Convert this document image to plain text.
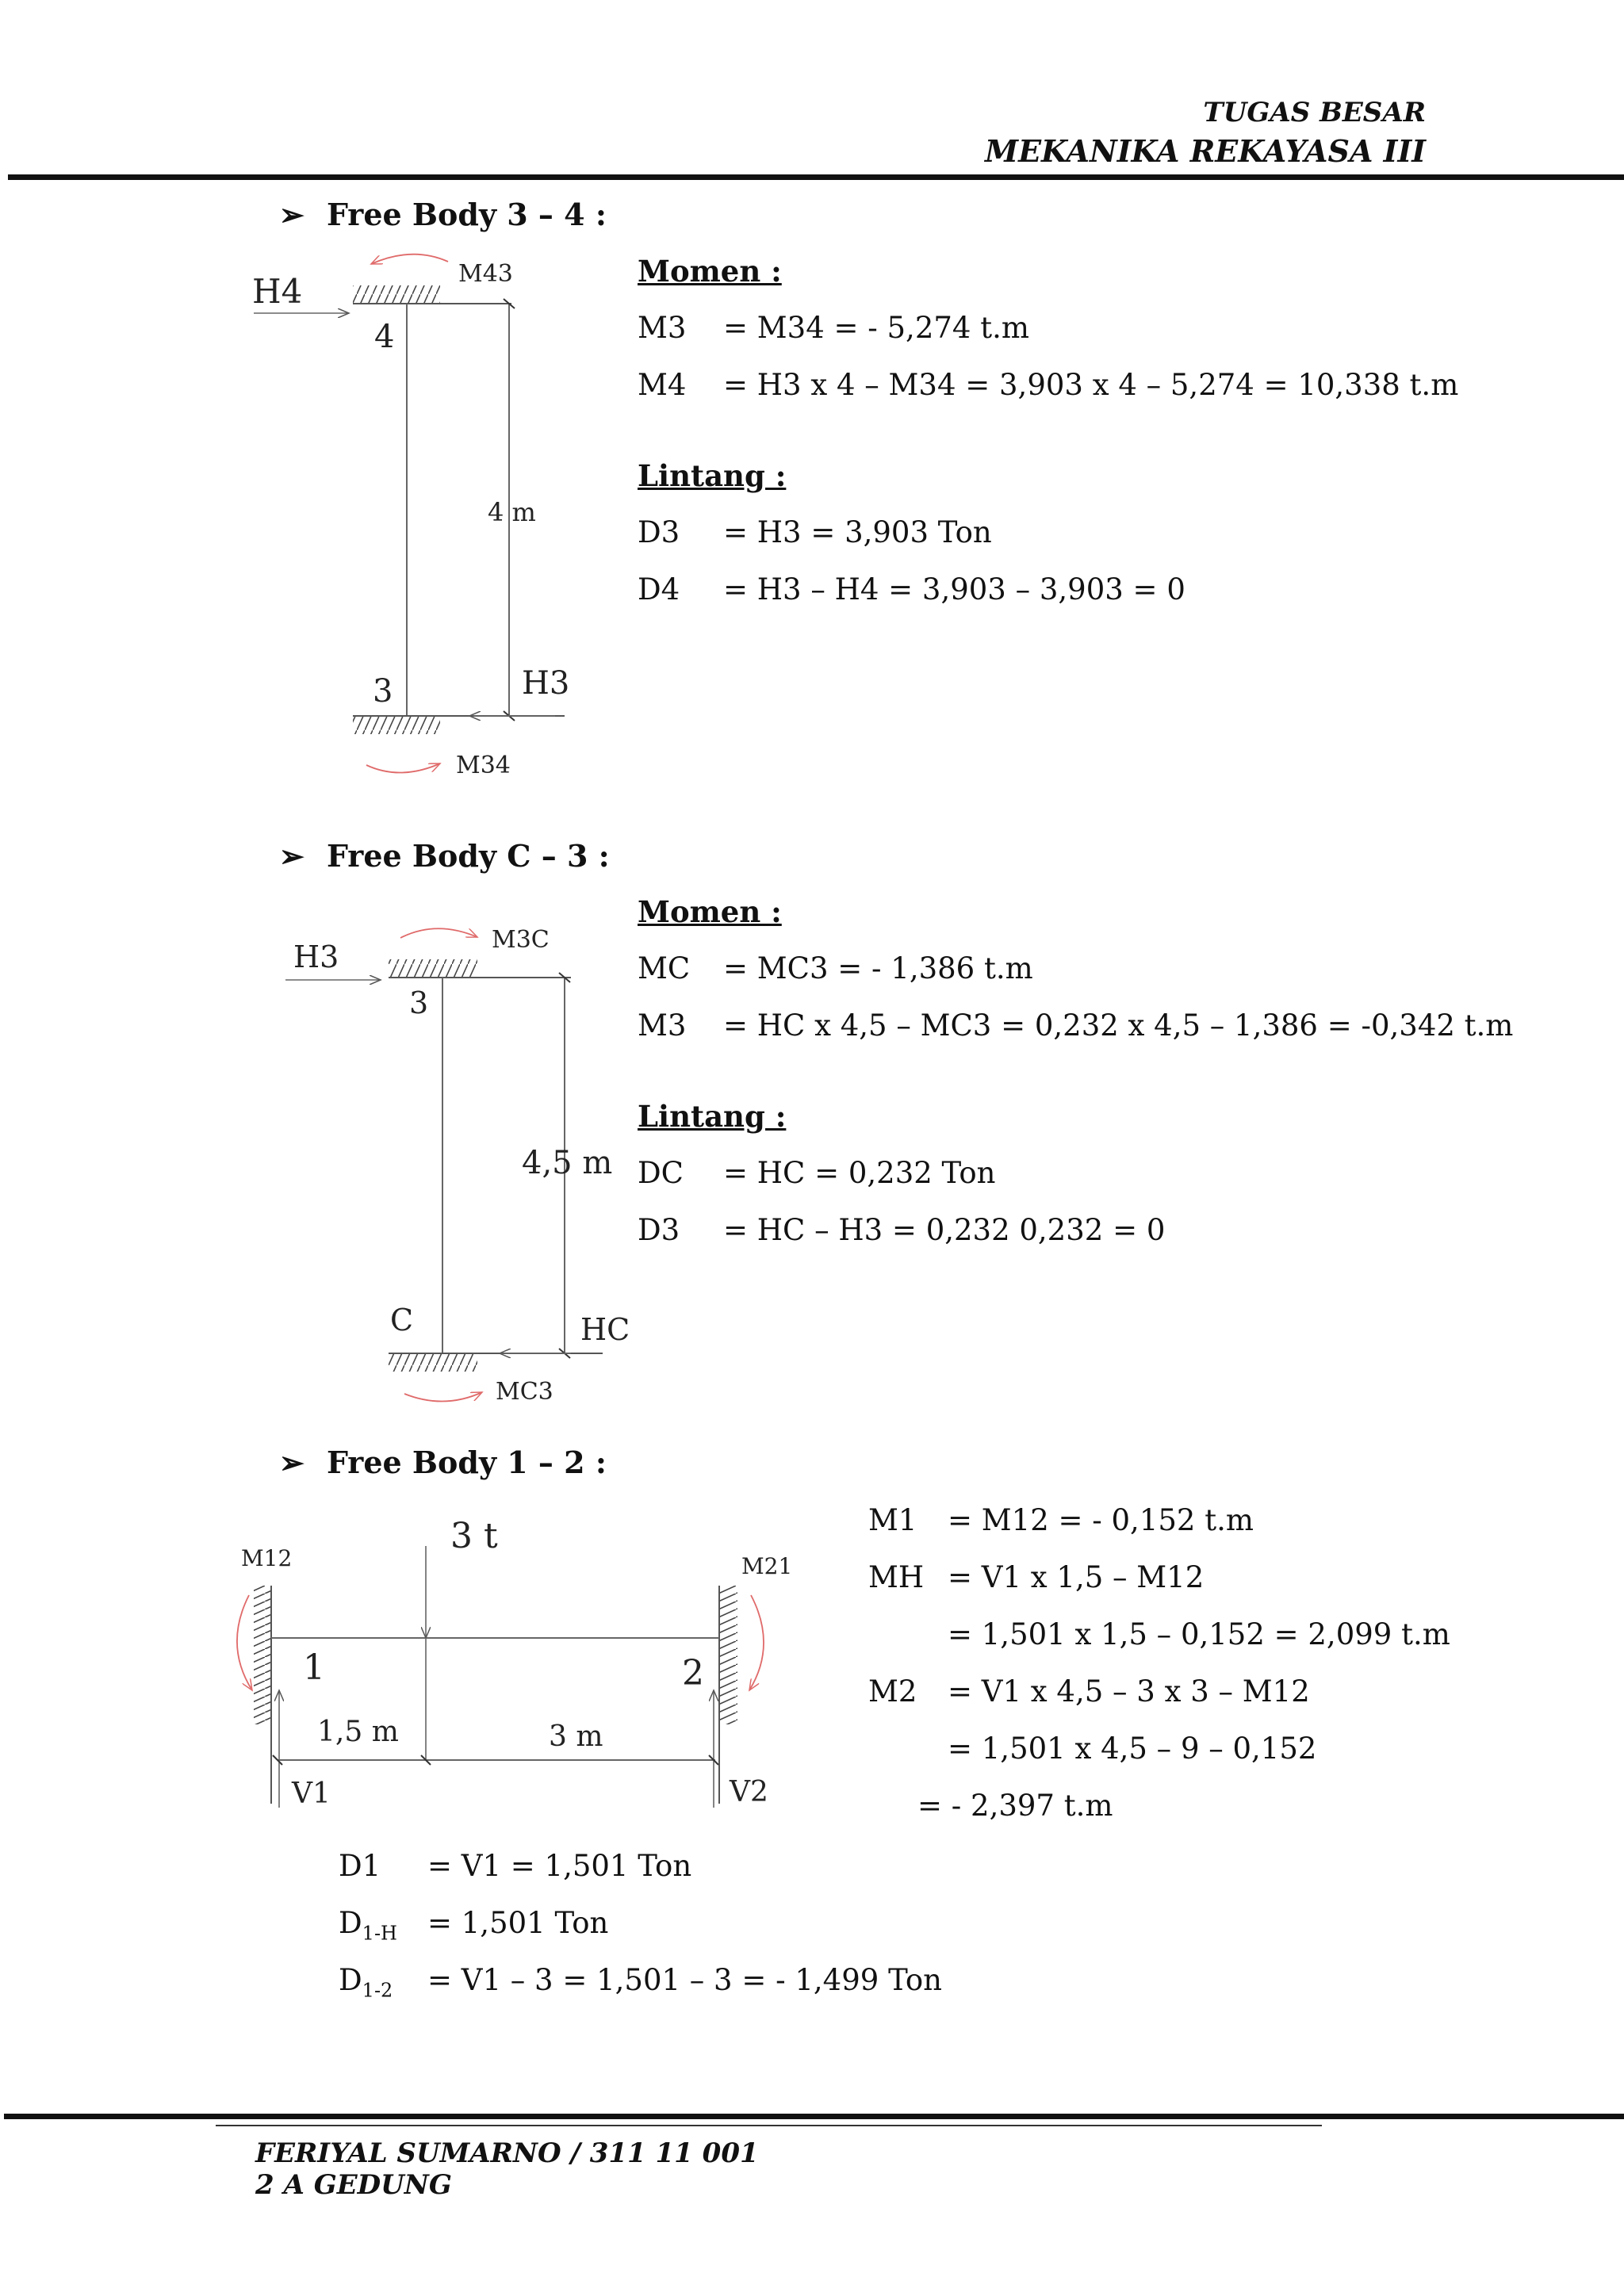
TUGAS BESAR
MEKANIKA REKAYASA III
➢ Free Body 3 – 4 :
H4
4
M43
4 m
3	H3
M34
Momen :
M3 = M34 = - 5,274 t.m
M4 = H3 x 4 – M34 = 3,903 x 4 – 5,274 = 10,338 t.m
Lintang :
D3 = H3 = 3,903 Ton
D4 = H3 – H4 = 3,903 – 3,903 = 0
➢ Free Body C – 3 :
H3
3
M3C
4,5 m
C	HC
MC3
Momen :
MC = MC3 = - 1,386 t.m
M3 = HC x 4,5 – MC3 = 0,232 x 4,5 – 1,386 = -0,342 t.m
Lintang :
DC = HC = 0,232 Ton
D3 = HC – H3 = 0,232 0,232 = 0
➢ Free Body 1 – 2 :
3 t
M12	M21
1	2
1,5 m	3 m
V1	V2
M1 = M12 = - 0,152 t.m
MH = V1 x 1,5 – M12
= 1,501 x 1,5 – 0,152 = 2,099 t.m
M2 = V1 x 4,5 – 3 x 3 – M12
= 1,501 x 4,5 – 9 – 0,152
= - 2,397 t.m
D1 = V1 = 1,501 Ton
$D_{1-H} = 1,501$ Ton
$D_{1-2} = V1 - 3 = 1,501 - 3$ = - 1,499 Ton
FERIYAL SUMARNO / 311 11 001
2 A GEDUNG
